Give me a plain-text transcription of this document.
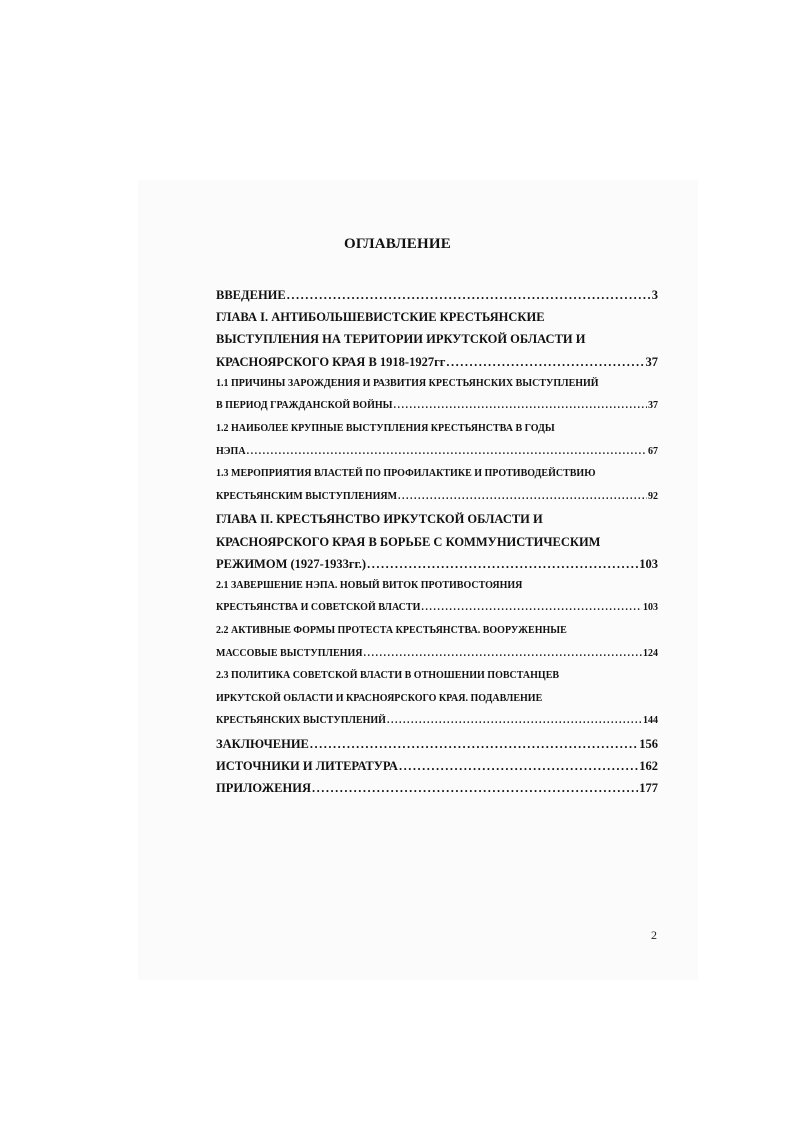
ОГЛАВЛЕНИЕ
ВВЕДЕНИЕ .....	3
ГЛАВА I. АНТИБОЛЬШЕВИСТСКИЕ КРЕСТЬЯНСКИЕ
ВЫСТУПЛЕНИЯ НА ТЕРИТОРИИ ИРКУТСКОЙ ОБЛАСТИ И
КРАСНОЯРСКОГО КРАЯ В 1918-1927гг .....	37
1.1 ПРИЧИНЫ ЗАРОЖДЕНИЯ И РАЗВИТИЯ КРЕСТЬЯНСКИХ ВЫСТУПЛЕНИЙ
В ПЕРИОД ГРАЖДАНСКОЙ ВОЙНЫ .....	37
1.2 НАИБОЛЕЕ КРУПНЫЕ ВЫСТУПЛЕНИЯ КРЕСТЬЯНСТВА В ГОДЫ
НЭПА .....	67
1.3 МЕРОПРИЯТИЯ ВЛАСТЕЙ ПО ПРОФИЛАКТИКЕ И ПРОТИВОДЕЙСТВИЮ
КРЕСТЬЯНСКИМ ВЫСТУПЛЕНИЯМ .....	92
ГЛАВА II. КРЕСТЬЯНСТВО ИРКУТСКОЙ ОБЛАСТИ И
КРАСНОЯРСКОГО КРАЯ В БОРЬБЕ С КОММУНИСТИЧЕСКИМ
РЕЖИМОМ (1927-1933гг.) .....	103
2.1 ЗАВЕРШЕНИЕ НЭПА. НОВЫЙ ВИТОК ПРОТИВОСТОЯНИЯ
КРЕСТЬЯНСТВА И СОВЕТСКОЙ ВЛАСТИ .....	103
2.2 АКТИВНЫЕ ФОРМЫ ПРОТЕСТА КРЕСТЬЯНСТВА. ВООРУЖЕННЫЕ
МАССОВЫЕ ВЫСТУПЛЕНИЯ .....	124
2.3 ПОЛИТИКА СОВЕТСКОЙ ВЛАСТИ В ОТНОШЕНИИ ПОВСТАНЦЕВ
ИРКУТСКОЙ ОБЛАСТИ И КРАСНОЯРСКОГО КРАЯ. ПОДАВЛЕНИЕ
КРЕСТЬЯНСКИХ ВЫСТУПЛЕНИЙ .....	144
ЗАКЛЮЧЕНИЕ .....	156
ИСТОЧНИКИ И ЛИТЕРАТУРА .....	162
ПРИЛОЖЕНИЯ .....	177
2
